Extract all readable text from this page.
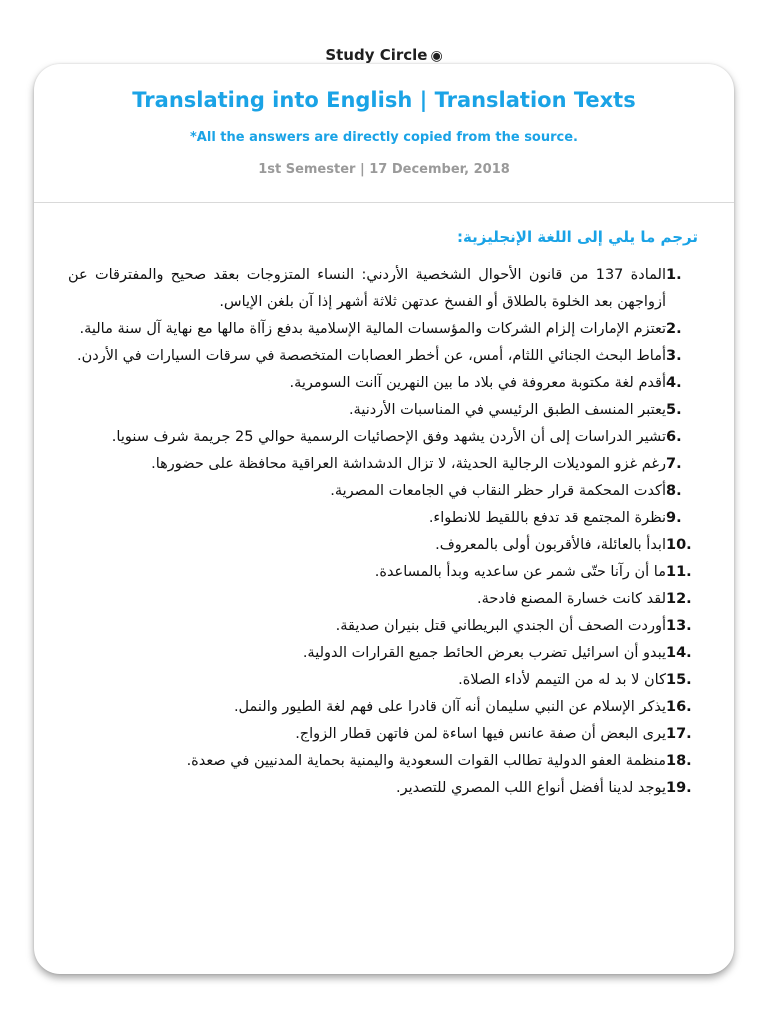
Study Circle ◉
Translating into English | Translation Texts
*All the answers are directly copied from the source.
1st Semester | 17 December, 2018
ترجم ما يلي إلى اللغة الإنجليزية:
1.
المادة 137 من قانون الأحوال الشخصية الأردني: النساء المتزوجات بعقد صحيح والمفترقات عن أزواجهن بعد الخلوة بالطلاق أو الفسخ عدتهن ثلاثة أشهر إذا آن بلغن الإياس.
2.
تعتزم الإمارات إلزام الشركات والمؤسسات المالية الإسلامية بدفع زآاة مالها مع نهاية آل سنة مالية.
3.
أماط البحث الجنائي اللثام، أمس، عن أخطر العصابات المتخصصة في سرقات السيارات في الأردن.
4.
أقدم لغة مكتوبة معروفة في بلاد ما بين النهرين آانت السومرية.
5.
يعتبر المنسف الطبق الرئيسي في المناسبات الأردنية.
6.
تشير الدراسات إلى أن الأردن يشهد وفق الإحصائيات الرسمية حوالي 25 جريمة شرف سنويا.
7.
رغم غزو الموديلات الرجالية الحديثة، لا تزال الدشداشة العراقية محافظة على حضورها.
8.
أكدت المحكمة قرار حظر النقاب في الجامعات المصرية.
9.
نظرة المجتمع قد تدفع باللقيط للانطواء.
10.
ابدأ بالعائلة، فالأقربون أولى بالمعروف.
11.
ما أن رآنا حتّى شمر عن ساعديه وبدأ بالمساعدة.
12.
لقد كانت خسارة المصنع فادحة.
13.
أوردت الصحف أن الجندي البريطاني قتل بنيران صديقة.
14.
يبدو أن اسرائيل تضرب بعرض الحائط جميع القرارات الدولية.
15.
كان لا بد له من التيمم لأداء الصلاة.
16.
يذكر الإسلام عن النبي سليمان أنه آان قادرا على فهم لغة الطيور والنمل.
17.
يرى البعض أن صفة عانس فيها اساءة لمن فاتهن قطار الزواج.
18.
منظمة العفو الدولية تطالب القوات السعودية واليمنية بحماية المدنيين في صعدة.
19.
يوجد لدينا أفضل أنواع اللب المصري للتصدير.
